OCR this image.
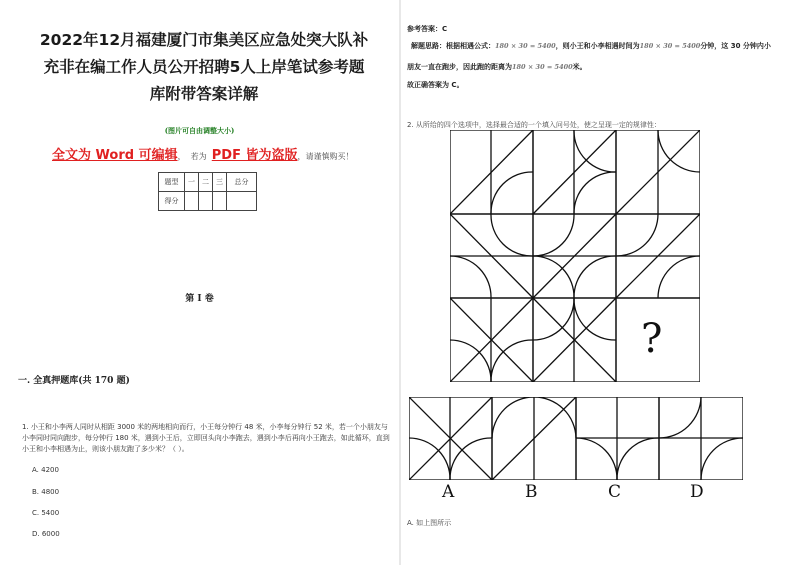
2022年12月福建厦门市集美区应急处突大队补
充非在编工作人员公开招聘5人上岸笔试参考题
库附带答案详解
(图片可自由调整大小)
全文为 Word 可编辑， 若为 PDF 皆为盗版，请谨慎购买！
题型	一	二	三	总分
得分				
第 I 卷
一. 全真押题库(共 170 题)
1. 小王和小李两人同时从相距 3000 米的两地相向而行，小王每分钟行 48 米，小李每分钟行 52 米，若一个小朋友与小李同时同向跑步，每分钟行 180 米，遇到小王后，立即回头向小李跑去，遇到小李后再向小王跑去，如此循环，直到小王和小李相遇为止，则该小朋友跑了多少米？（ ）。
A. 4200
B. 4800
C. 5400
D. 6000
参考答案：C
解题思路：根据相遇公式：180 × 30 = 5400，则小王和小李相遇时间为180 × 30 = 5400分钟，这 30 分钟内小
朋友一直在跑步，因此跑的距离为180 × 30 = 5400米。
故正确答案为 C。
2. 从所给的四个选项中，选择最合适的一个填入问号处，使之呈现一定的规律性：
?
A	B	C	D
A. 如上图所示
